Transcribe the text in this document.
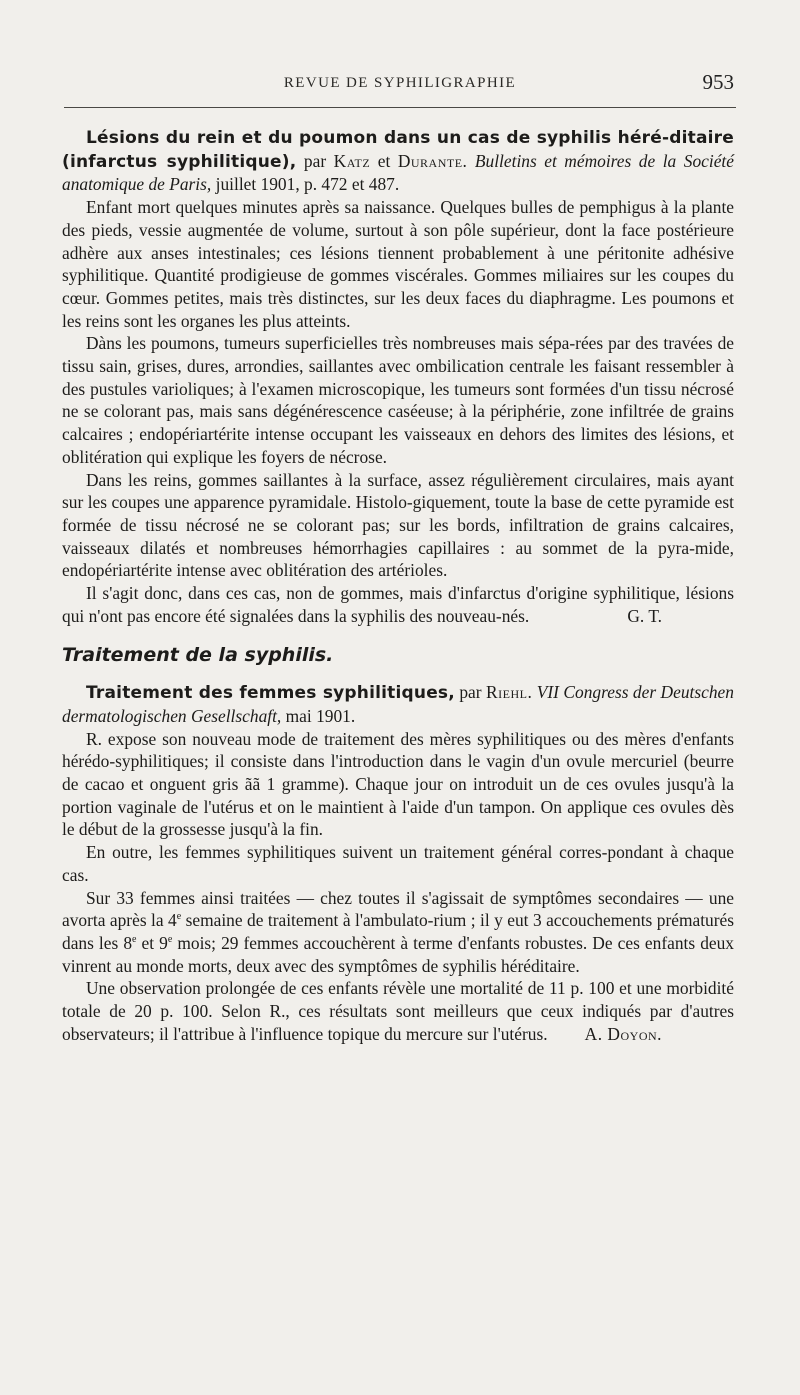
REVUE DE SYPHILIGRAPHIE	953

Lésions du rein et du poumon dans un cas de syphilis héré-ditaire (infarctus syphilitique), par Katz et Durante. Bulletins et mémoires de la Société anatomique de Paris, juillet 1901, p. 472 et 487.

Enfant mort quelques minutes après sa naissance. Quelques bulles de pemphigus à la plante des pieds, vessie augmentée de volume, surtout à son pôle supérieur, dont la face postérieure adhère aux anses intestinales; ces lésions tiennent probablement à une péritonite adhésive syphilitique. Quantité prodigieuse de gommes viscérales. Gommes miliaires sur les coupes du cœur. Gommes petites, mais très distinctes, sur les deux faces du diaphragme. Les poumons et les reins sont les organes les plus atteints.

Dàns les poumons, tumeurs superficielles très nombreuses mais sépa-rées par des travées de tissu sain, grises, dures, arrondies, saillantes avec ombilication centrale les faisant ressembler à des pustules varioliques; à l'examen microscopique, les tumeurs sont formées d'un tissu nécrosé ne se colorant pas, mais sans dégénérescence caséeuse; à la périphérie, zone infiltrée de grains calcaires ; endopériartérite intense occupant les vaisseaux en dehors des limites des lésions, et oblitération qui explique les foyers de nécrose.

Dans les reins, gommes saillantes à la surface, assez régulièrement circulaires, mais ayant sur les coupes une apparence pyramidale. Histolo-giquement, toute la base de cette pyramide est formée de tissu nécrosé ne se colorant pas; sur les bords, infiltration de grains calcaires, vaisseaux dilatés et nombreuses hémorrhagies capillaires : au sommet de la pyra-mide, endopériartérite intense avec oblitération des artérioles.

Il s'agit donc, dans ces cas, non de gommes, mais d'infarctus d'origine syphilitique, lésions qui n'ont pas encore été signalées dans la syphilis des nouveau-nés.	G. T.

Traitement de la syphilis.

Traitement des femmes syphilitiques, par Riehl. VII Congress der Deutschen dermatologischen Gesellschaft, mai 1901.

R. expose son nouveau mode de traitement des mères syphilitiques ou des mères d'enfants hérédo-syphilitiques; il consiste dans l'introduction dans le vagin d'un ovule mercuriel (beurre de cacao et onguent gris ãã 1 gramme). Chaque jour on introduit un de ces ovules jusqu'à la portion vaginale de l'utérus et on le maintient à l'aide d'un tampon. On applique ces ovules dès le début de la grossesse jusqu'à la fin.

En outre, les femmes syphilitiques suivent un traitement général corres-pondant à chaque cas.

Sur 33 femmes ainsi traitées — chez toutes il s'agissait de symptômes secondaires — une avorta après la 4e semaine de traitement à l'ambulato-rium ; il y eut 3 accouchements prématurés dans les 8e et 9e mois; 29 femmes accouchèrent à terme d'enfants robustes. De ces enfants deux vinrent au monde morts, deux avec des symptômes de syphilis héréditaire.

Une observation prolongée de ces enfants révèle une mortalité de 11 p. 100 et une morbidité totale de 20 p. 100. Selon R., ces résultats sont meilleurs que ceux indiqués par d'autres observateurs; il l'attribue à l'influence topique du mercure sur l'utérus.	A. Doyon.
